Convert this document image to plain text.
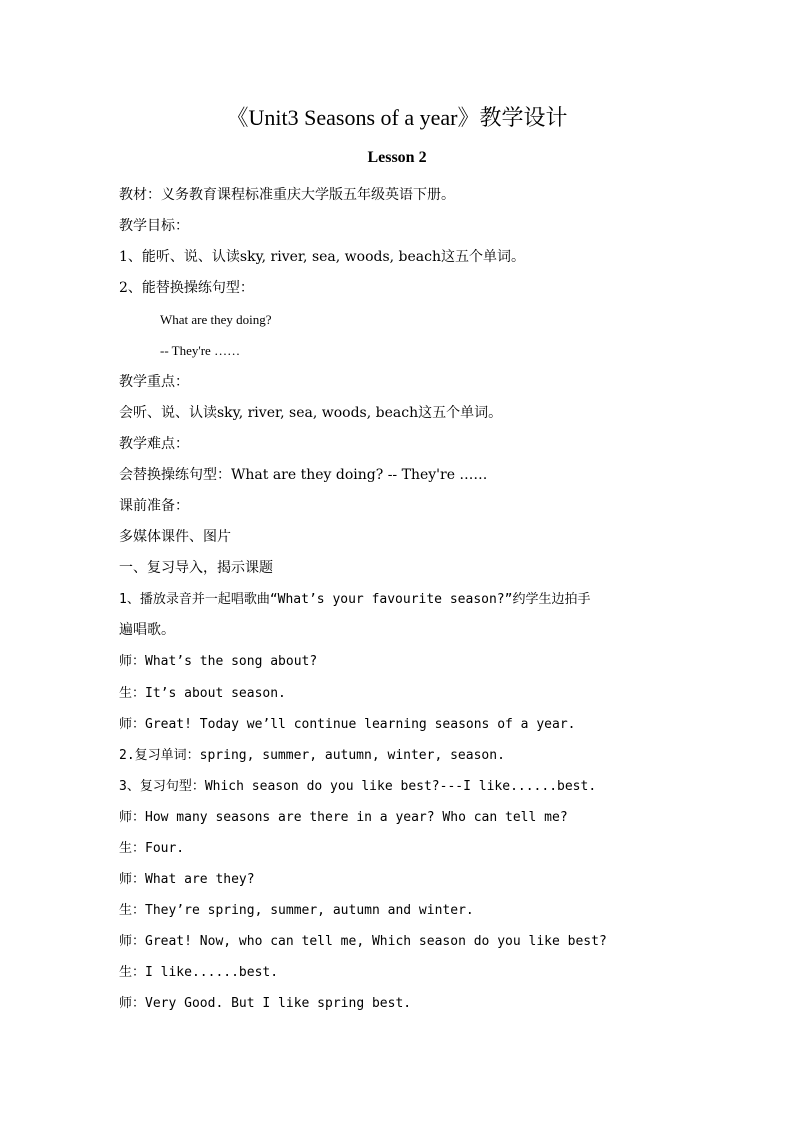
《Unit3 Seasons of a year》教学设计
Lesson 2
教材：义务教育课程标准重庆大学版五年级英语下册。
教学目标：
1、能听、说、认读sky, river, sea, woods, beach这五个单词。
2、能替换操练句型：
What are they doing?
-- They're ……
教学重点：
会听、说、认读sky, river, sea, woods, beach这五个单词。
教学难点：
会替换操练句型：What are they doing? -- They're ……
课前准备：
多媒体课件、图片
一、复习导入，揭示课题
1、播放录音并一起唱歌曲“What’s your favourite season?”约学生边拍手
遍唱歌。
师：What’s the song about?
生：It’s about season.
师：Great! Today we’ll continue learning seasons of a year.
2.复习单词：spring, summer, autumn, winter, season.
3、复习句型：Which season do you like best?---I like......best.
师：How many seasons are there in a year? Who can tell me?
生：Four.
师：What are they?
生：They’re spring, summer, autumn and winter.
师：Great! Now, who can tell me, Which season do you like best?
生：I like......best.
师：Very Good. But I like spring best.
